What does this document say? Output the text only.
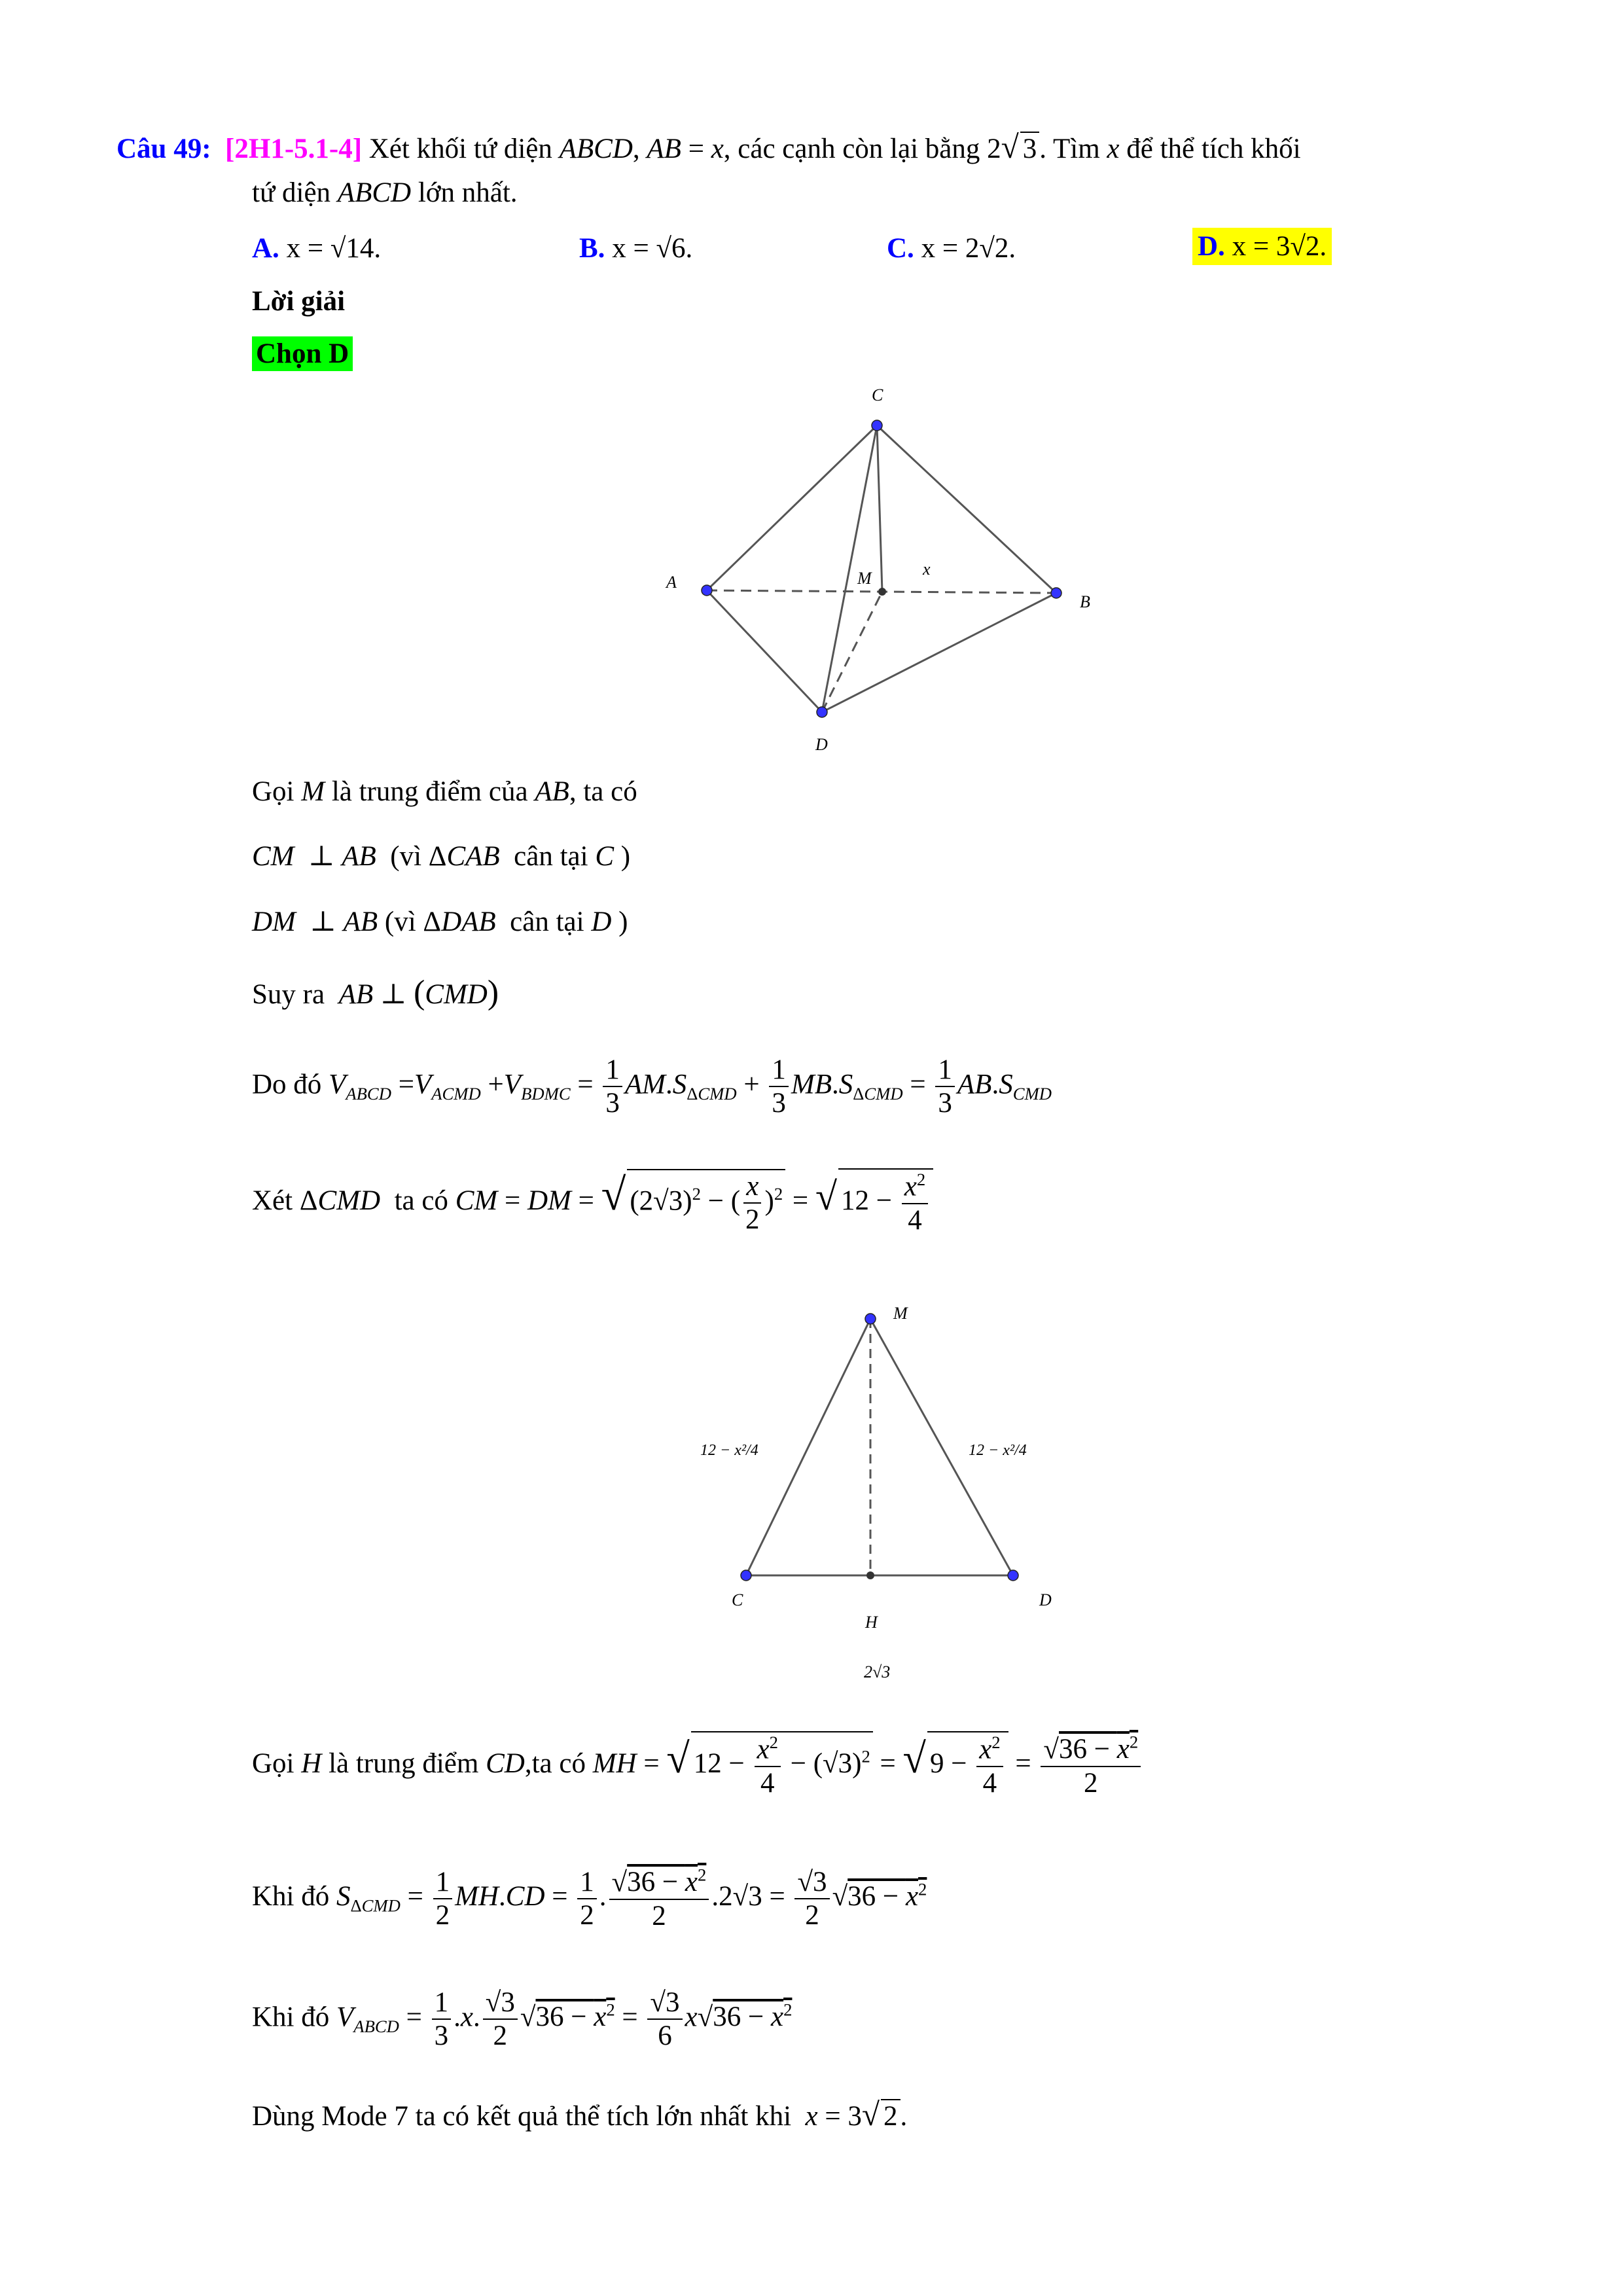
Câu 49: [2H1-5.1-4] Xét khối tứ diện ABCD, AB = x, các cạnh còn lại bằng 2√ 3. Tìm x để thể tích khối
tứ diện ABCD lớn nhất.
A. x = √14.	B. x = √6.	C. x = 2√2.	D. x = 3√2.
Lời giải
Chọn D
C
A
B
D
M	x
Gọi M là trung điểm của AB, ta có
CM  ⊥ AB (vì ΔCAB cân tại C )
DM  ⊥ AB (vì ΔDAB cân tại D )
Suy ra AB ⊥ (CMD)
Do đó $V_{ABCD} =V_{ACMD} +V_{BDMC} = \frac{1}{3} AM.S_{\Delta CMD} + \frac{1}{3} MB.S_{\Delta CMD} = \frac{1}{3} AB.S_{CMD}$
Xét ΔCMD ta có CM = DM = √ $(2√3)^2$ − ( $\frac{x}{2} )^2$ = √ $12 - \frac{x^2}{4}$
M
C	D
H
12 − x²/4	12 − x²/4
2√3
Gọi H là trung điểm CD,ta có MH = √ $12 - \frac{x^2}{4} - (√3)^2$ = √ $9 - \frac{x^2}{4} = \frac{√36 - x^2}{2}$
Khi đó $S_{\Delta CMD} = \frac{1}{2} MH.CD = \frac{1}{2}$ . $\frac{√36 - x^2}{2} .2√3 = \frac{√3}{2} √36 - x^2$
Khi đó $V_{ABCD} = \frac{1}{3} .x$. $\frac{√3}{2} √36 - x^2 = \frac{√3}{6} x√36 - x^2$
Dùng Mode 7 ta có kết quả thể tích lớn nhất khi x = 3√ 2.
